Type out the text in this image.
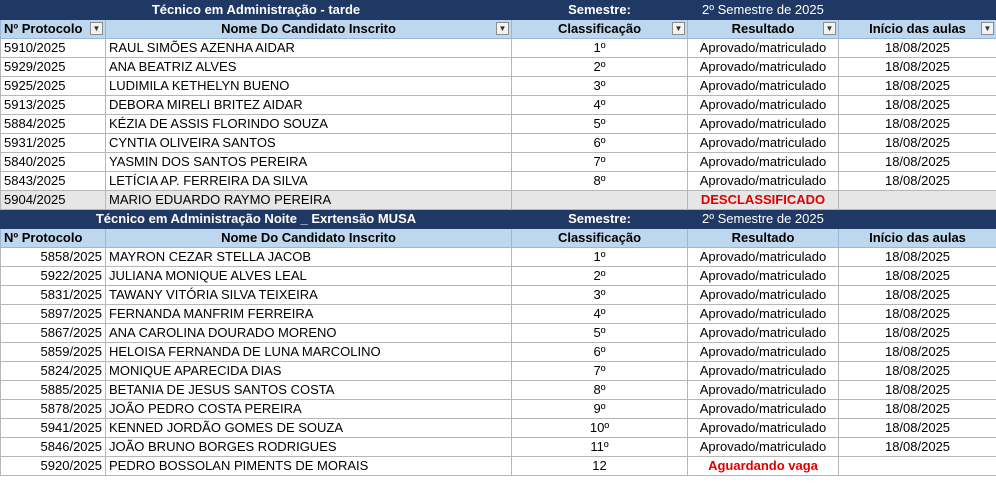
Técnico em Administração - tarde		Semestre:	2º Semestre de 2025	
Nº Protocolo ▼	Nome Do Candidato Inscrito ▼	Classificação ▼	Resultado ▼	Início das aulas ▼

5910/2025	RAUL SIMÕES AZENHA AIDAR	1º	Aprovado/matriculado	18/08/2025
5929/2025	ANA BEATRIZ ALVES	2º	Aprovado/matriculado	18/08/2025
5925/2025	LUDIMILA KETHELYN BUENO	3º	Aprovado/matriculado	18/08/2025
5913/2025	DEBORA MIRELI BRITEZ AIDAR	4º	Aprovado/matriculado	18/08/2025
5884/2025	KÉZIA DE ASSIS FLORINDO SOUZA	5º	Aprovado/matriculado	18/08/2025
5931/2025	CYNTIA OLIVEIRA SANTOS	6º	Aprovado/matriculado	18/08/2025
5840/2025	YASMIN DOS SANTOS PEREIRA	7º	Aprovado/matriculado	18/08/2025
5843/2025	LETÍCIA AP. FERREIRA DA SILVA	8º	Aprovado/matriculado	18/08/2025
5904/2025	MARIO EDUARDO RAYMO PEREIRA		DESCLASSIFICADO	
Técnico em Administração Noite _ Exrtensão MUSA		Semestre:	2º Semestre de 2025	
Nº Protocolo	Nome Do Candidato Inscrito	Classificação	Resultado	Início das aulas
5858/2025	MAYRON CEZAR STELLA JACOB	1º	Aprovado/matriculado	18/08/2025
5922/2025	JULIANA MONIQUE ALVES LEAL	2º	Aprovado/matriculado	18/08/2025
5831/2025	TAWANY VITÓRIA SILVA TEIXEIRA	3º	Aprovado/matriculado	18/08/2025
5897/2025	FERNANDA MANFRIM FERREIRA	4º	Aprovado/matriculado	18/08/2025
5867/2025	ANA CAROLINA DOURADO MORENO	5º	Aprovado/matriculado	18/08/2025
5859/2025	HELOISA FERNANDA DE LUNA MARCOLINO	6º	Aprovado/matriculado	18/08/2025
5824/2025	MONIQUE APARECIDA DIAS	7º	Aprovado/matriculado	18/08/2025
5885/2025	BETANIA DE JESUS SANTOS COSTA	8º	Aprovado/matriculado	18/08/2025
5878/2025	JOÃO PEDRO COSTA PEREIRA	9º	Aprovado/matriculado	18/08/2025
5941/2025	KENNED JORDÃO GOMES DE SOUZA	10º	Aprovado/matriculado	18/08/2025
5846/2025	JOÃO BRUNO BORGES RODRIGUES	11º	Aprovado/matriculado	18/08/2025
5920/2025	PEDRO BOSSOLAN PIMENTS DE MORAIS	12	Aguardando vaga	
